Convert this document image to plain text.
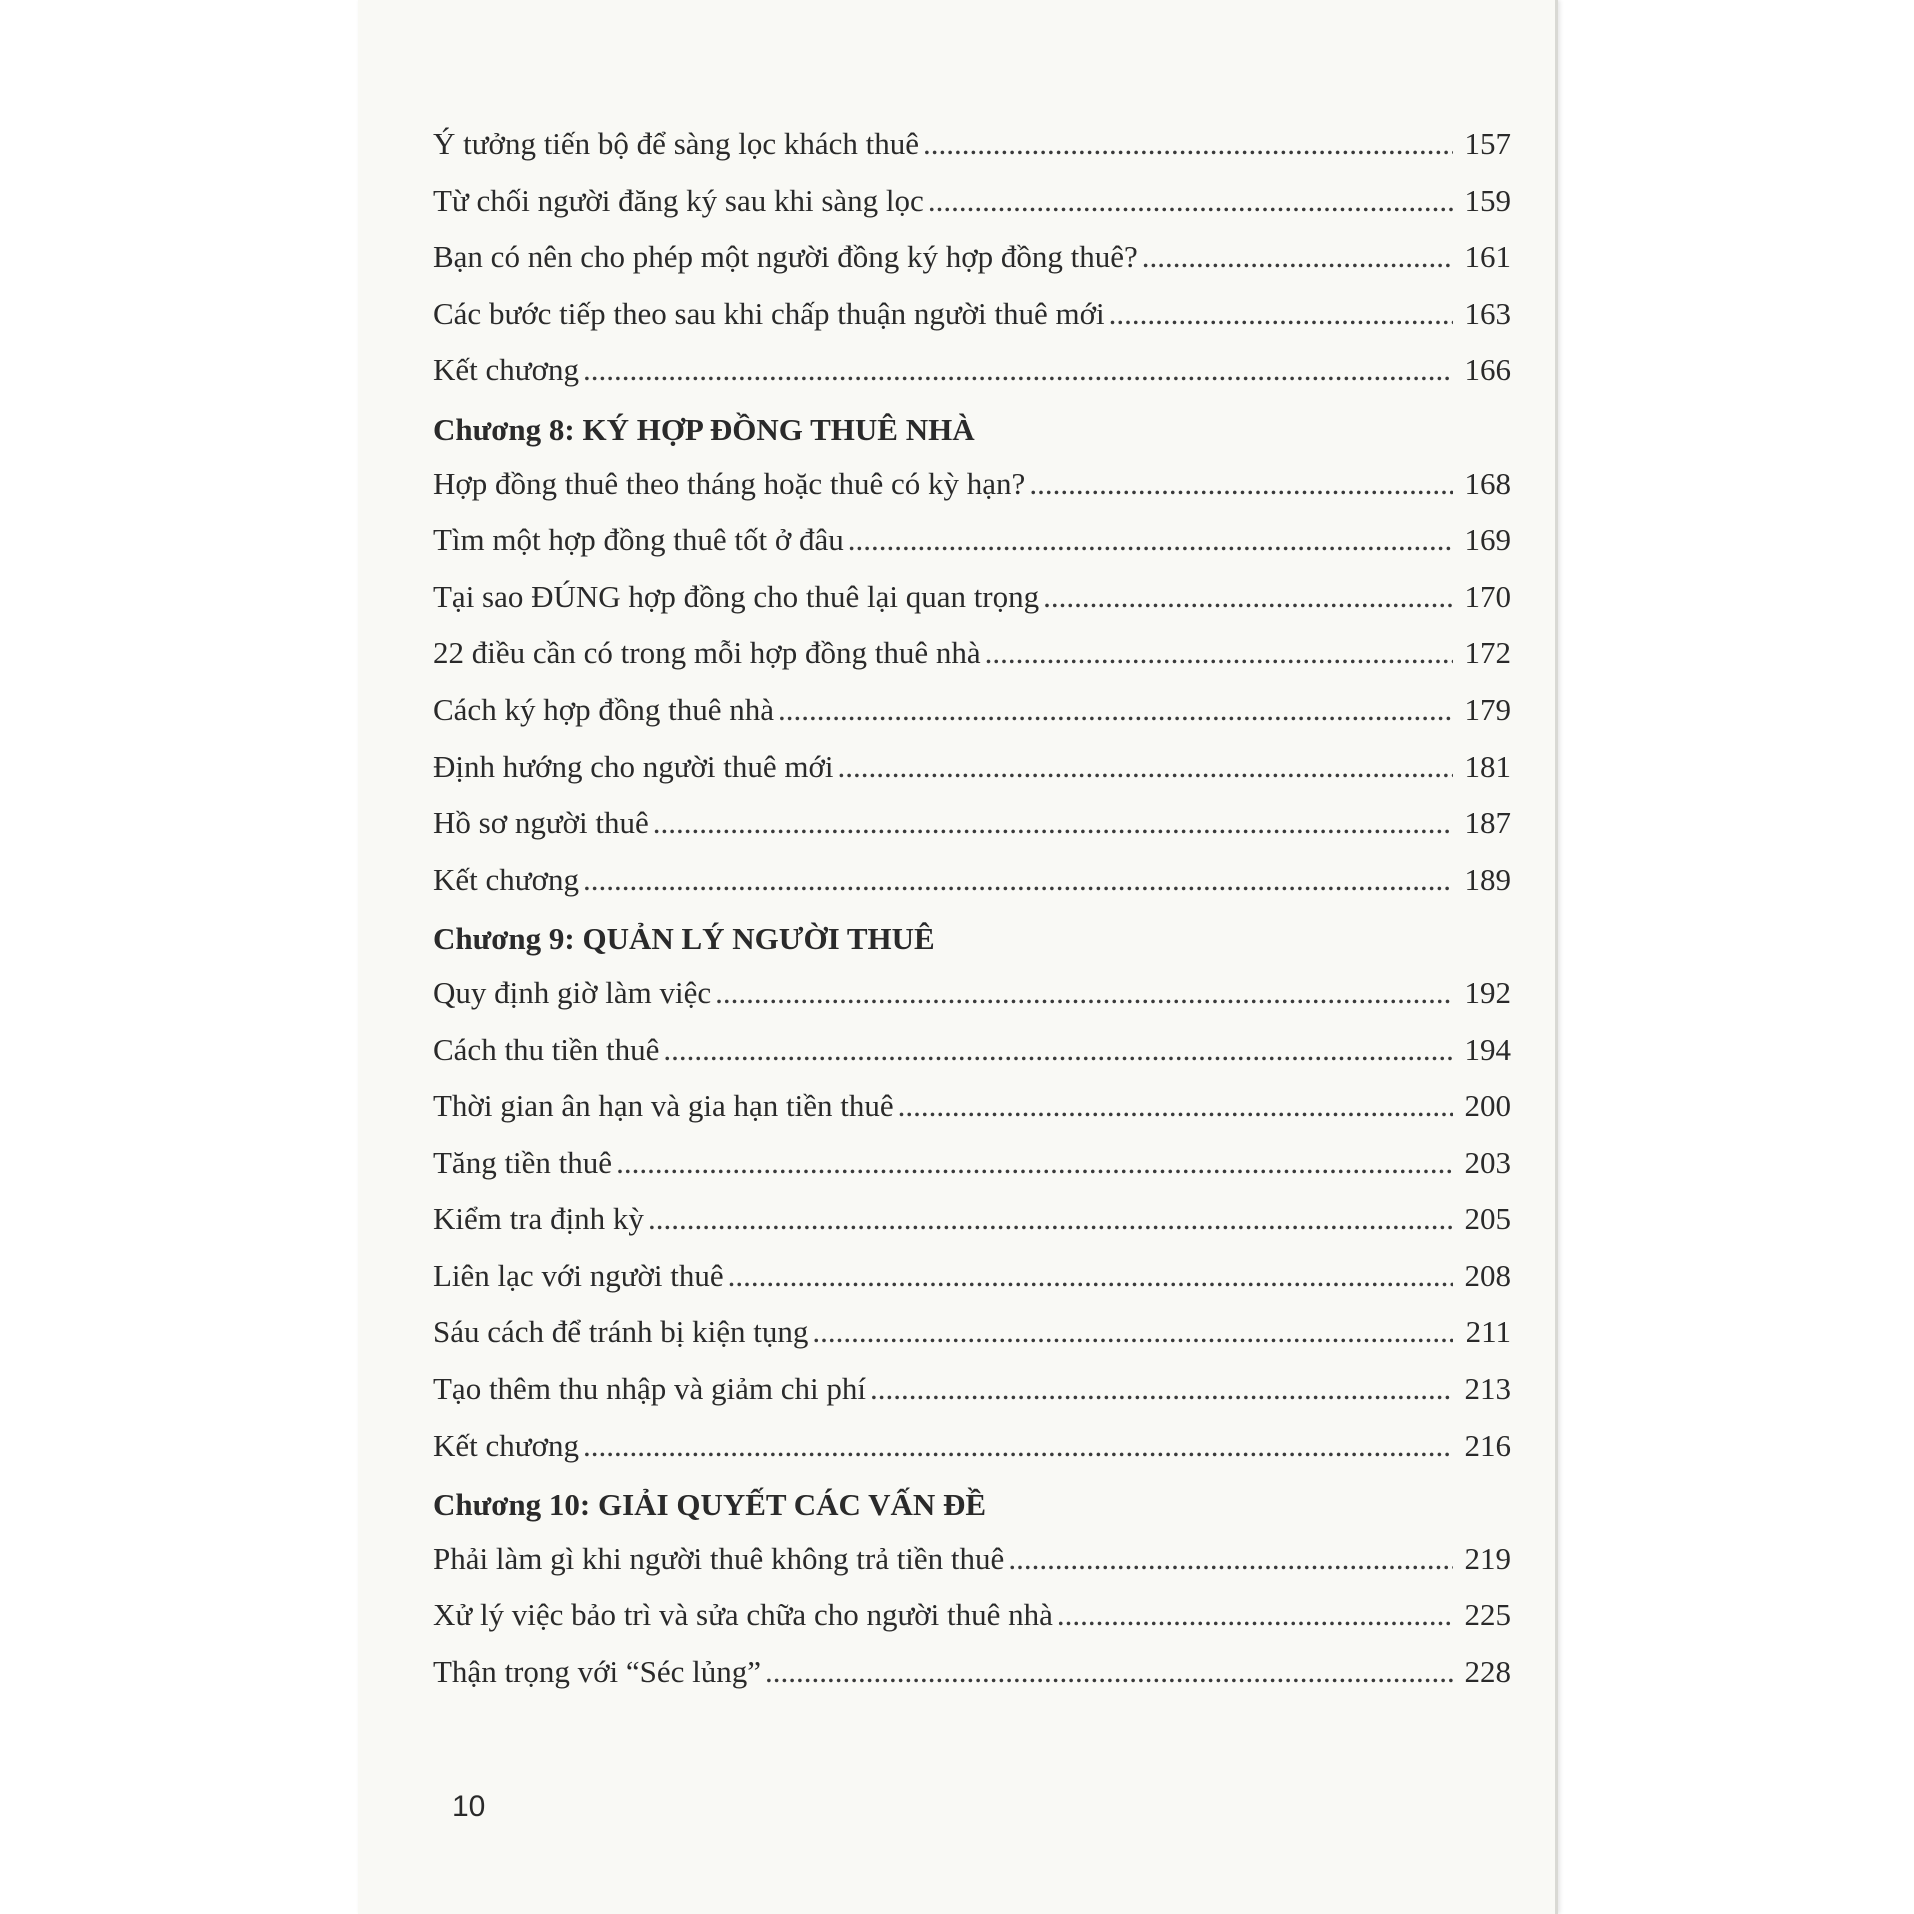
Ý tưởng tiến bộ để sàng lọc khách thuê .....	157
Từ chối người đăng ký sau khi sàng lọc .....	159
Bạn có nên cho phép một người đồng ký hợp đồng thuê? .....	161
Các bước tiếp theo sau khi chấp thuận người thuê mới .....	163
Kết chương .....	166
Chương 8: KÝ HỢP ĐỒNG THUÊ NHÀ
Hợp đồng thuê theo tháng hoặc thuê có kỳ hạn? .....	168
Tìm một hợp đồng thuê tốt ở đâu .....	169
Tại sao ĐÚNG hợp đồng cho thuê lại quan trọng .....	170
22 điều cần có trong mỗi hợp đồng thuê nhà .....	172
Cách ký hợp đồng thuê nhà .....	179
Định hướng cho người thuê mới .....	181
Hồ sơ người thuê .....	187
Kết chương .....	189
Chương 9: QUẢN LÝ NGƯỜI THUÊ
Quy định giờ làm việc .....	192
Cách thu tiền thuê .....	194
Thời gian ân hạn và gia hạn tiền thuê .....	200
Tăng tiền thuê .....	203
Kiểm tra định kỳ .....	205
Liên lạc với người thuê .....	208
Sáu cách để tránh bị kiện tụng .....	211
Tạo thêm thu nhập và giảm chi phí .....	213
Kết chương .....	216
Chương 10: GIẢI QUYẾT CÁC VẤN ĐỀ
Phải làm gì khi người thuê không trả tiền thuê .....	219
Xử lý việc bảo trì và sửa chữa cho người thuê nhà .....	225
Thận trọng với “Séc lủng” .....	228
10
